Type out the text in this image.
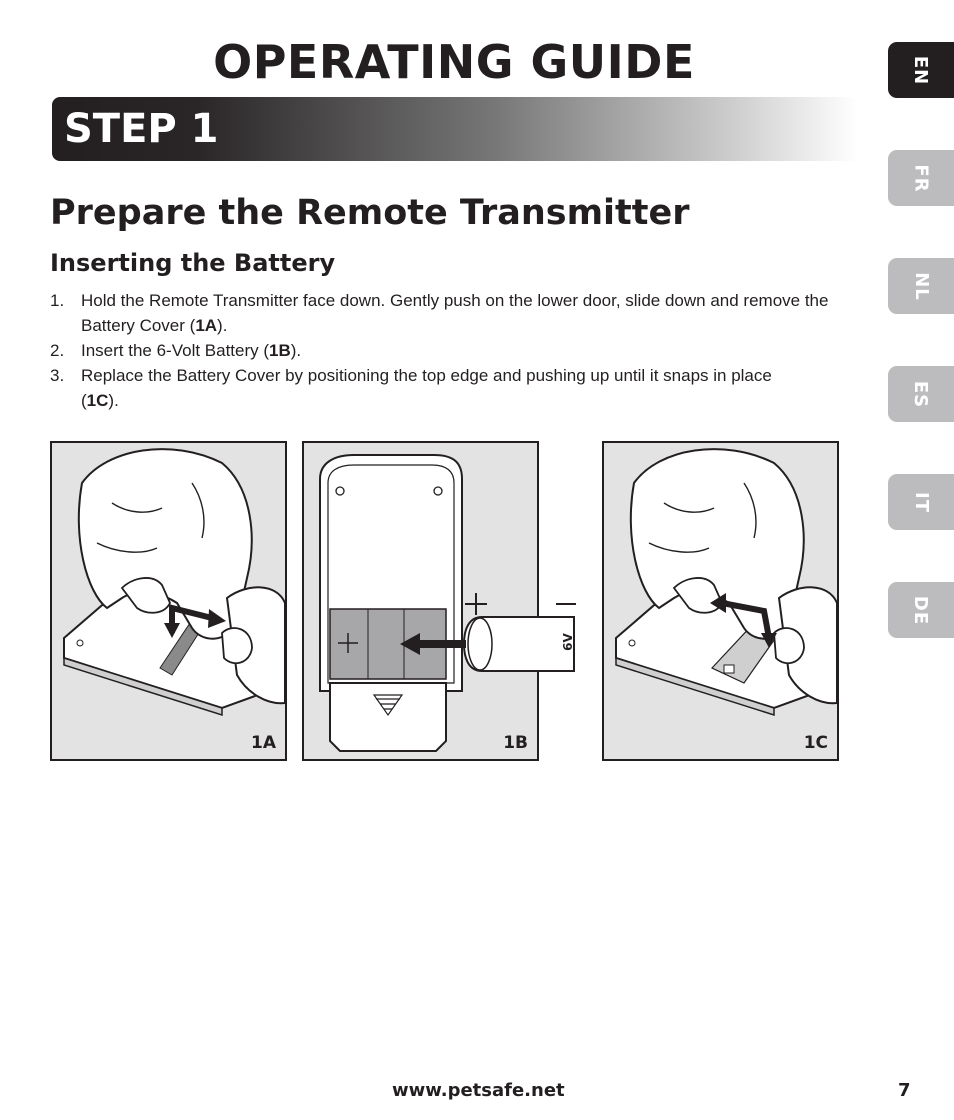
OPERATING GUIDE
STEP 1
Prepare the Remote Transmitter
Inserting the Battery
1. Hold the Remote Transmitter face down. Gently push on the lower door, slide down and remove the Battery Cover (1A).
2. Insert the 6-Volt Battery (1B).
3. Replace the Battery Cover by positioning the top edge and pushing up until it snaps in place (1C).
EN
FR
NL
ES
IT
DE
1A
6V
1B	1C
www.petsafe.net	7
